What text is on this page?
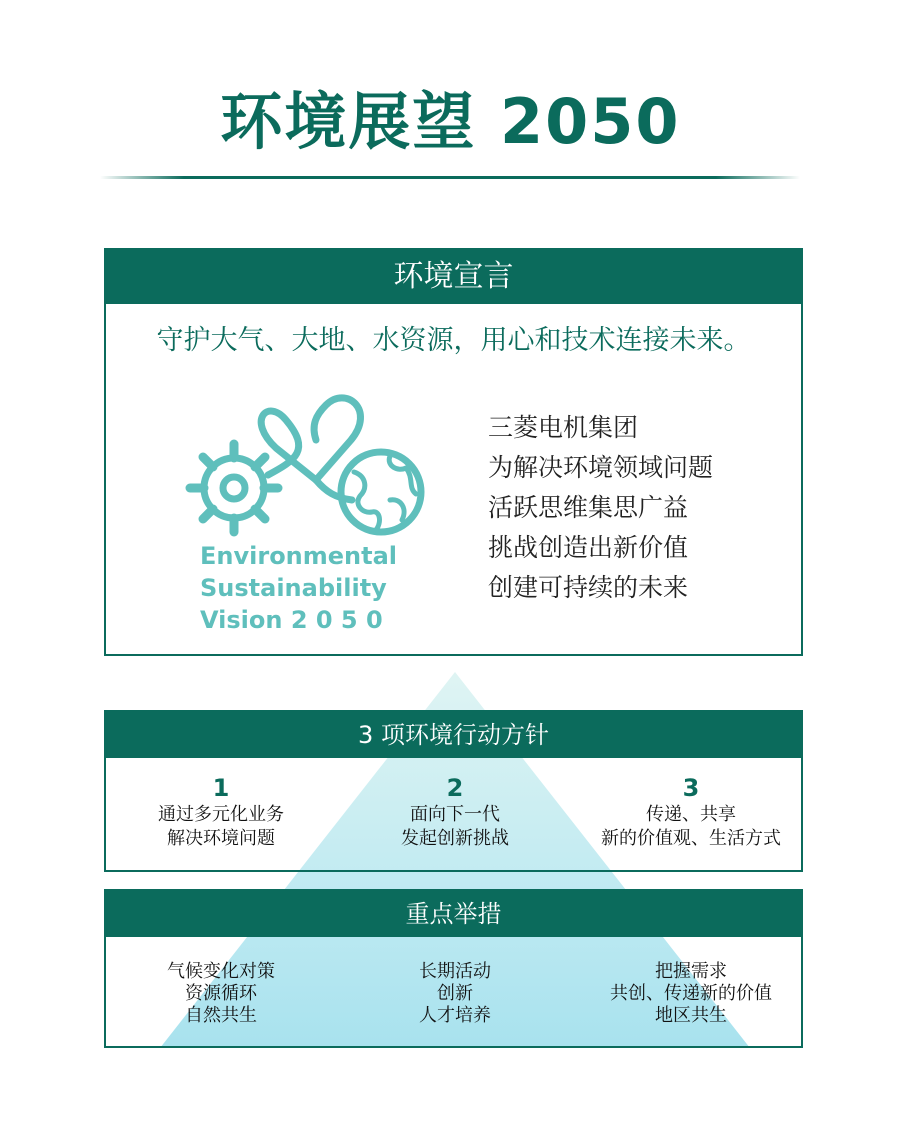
环境展望 2050
环境宣言
守护大气、大地、水资源，用心和技术连接未来。
Environmental
Sustainability
Vision 2 0 5 0
三菱电机集团
为解决环境领域问题
活跃思维集思广益
挑战创造出新价值
创建可持续的未来
3 项环境行动方针
1
通过多元化业务
解决环境问题
2
面向下一代
发起创新挑战
3
传递、共享
新的价值观、生活方式
重点举措
气候变化对策
资源循环
自然共生
长期活动
创新
人才培养
把握需求
共创、传递新的价值
地区共生
